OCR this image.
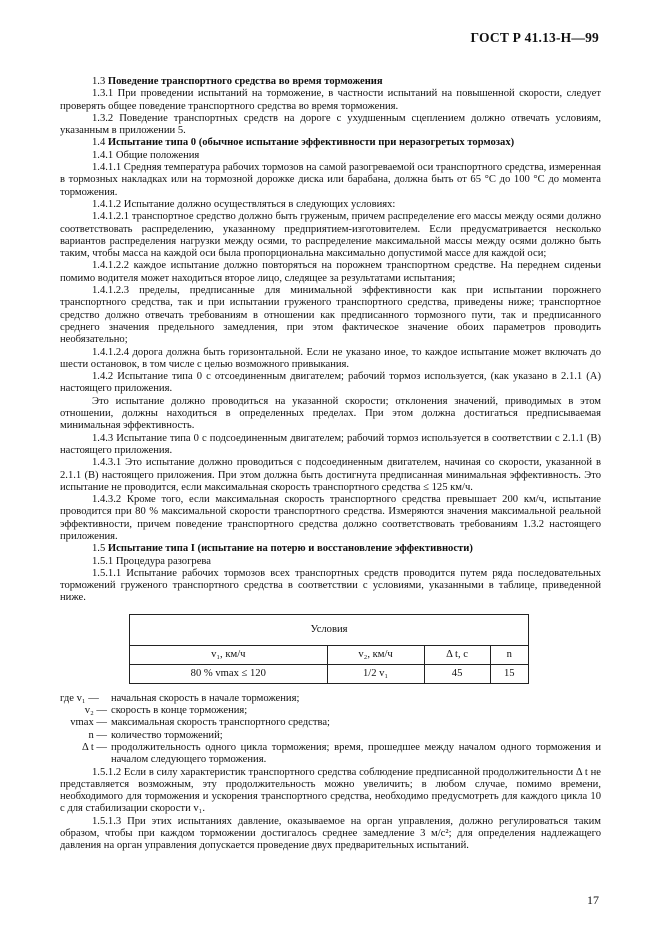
ГОСТ Р 41.13-Н—99

1.3 Поведение транспортного средства во время торможения

1.3.1 При проведении испытаний на торможение, в частности испытаний на повышенной скорости, следует проверять общее поведение транспортного средства во время торможения.

1.3.2 Поведение транспортных средств на дороге с ухудшенным сцеплением должно отвечать условиям, указанным в приложении 5.

1.4 Испытание типа 0 (обычное испытание эффективности при неразогретых тормозах)

1.4.1 Общие положения

1.4.1.1 Средняя температура рабочих тормозов на самой разогреваемой оси транспортного средства, измеренная в тормозных накладках или на тормозной дорожке диска или барабана, должна быть от 65 °С до 100 °С до момента торможения.

1.4.1.2 Испытание должно осуществляться в следующих условиях:

1.4.1.2.1 транспортное средство должно быть груженым, причем распределение его массы между осями должно соответствовать распределению, указанному предприятием-изготовителем. Если предусматривается несколько вариантов распределения нагрузки между осями, то распределение максимальной массы между осями должно быть таким, чтобы масса на каждой оси была пропорциональна максимально допустимой массе для каждой оси;

1.4.1.2.2 каждое испытание должно повторяться на порожнем транспортном средстве. На переднем сиденьи помимо водителя может находиться второе лицо, следящее за результатами испытания;

1.4.1.2.3 пределы, предписанные для минимальной эффективности как при испытании порожнего транспортного средства, так и при испытании груженого транспортного средства, приведены ниже; транспортное средство должно отвечать требованиям в отношении как предписанного тормозного пути, так и предписанного среднего значения предельного замедления, при этом фактическое значение обоих параметров проводить необязательно;

1.4.1.2.4 дорога должна быть горизонтальной. Если не указано иное, то каждое испытание может включать до шести остановок, в том числе с целью возможного привыкания.

1.4.2 Испытание типа 0 с отсоединенным двигателем; рабочий тормоз используется, (как указано в 2.1.1 (А) настоящего приложения.

Это испытание должно проводиться на указанной скорости; отклонения значений, приводимых в этом отношении, должны находиться в определенных пределах. При этом должна достигаться предписываемая минимальная эффективность.

1.4.3 Испытание типа 0 с подсоединенным двигателем; рабочий тормоз используется в соответствии с 2.1.1 (В) настоящего приложения.

1.4.3.1 Это испытание должно проводиться с подсоединенным двигателем, начиная со скорости, указанной в 2.1.1 (В) настоящего приложения. При этом должна быть достигнута предписанная минимальная эффективность. Это испытание не проводится, если максимальная скорость транспортного средства ≤ 125 км/ч.

1.4.3.2 Кроме того, если максимальная скорость транспортного средства превышает 200 км/ч, испытание проводится при 80 % максимальной скорости транспортного средства. Измеряются значения максимальной реальной эффективности, причем поведение транспортного средства должно соответствовать требованиям 1.3.2 настоящего приложения.

1.5 Испытание типа I (испытание на потерю и восстановление эффективности)

1.5.1 Процедура разогрева

1.5.1.1 Испытание рабочих тормозов всех транспортных средств проводится путем ряда последовательных торможений груженого транспортного средства в соответствии с условиями, указанными в таблице, приведенной ниже.

Условия			
v₁, км/ч	v₂, км/ч	Δ t, c	n
80 % vmax ≤ 120	1/2 v₁	45	15
где v₁ —	начальная скорость в начале торможения;
v₂ — скорость в конце торможения;
vmax — максимальная скорость транспортного средства;
n — количество торможений;
Δ t — продолжительность одного цикла торможения; время, прошедшее между началом одного торможения и началом следующего торможения.

1.5.1.2 Если в силу характеристик транспортного средства соблюдение предписанной продолжительности Δ t не представляется возможным, эту продолжительность можно увеличить; в любом случае, помимо времени, необходимого для торможения и ускорения транспортного средства, необходимо предусмотреть для каждого цикла 10 с для стабилизации скорости v₁.

1.5.1.3 При этих испытаниях давление, оказываемое на орган управления, должно регулироваться таким образом, чтобы при каждом торможении достигалось среднее замедление 3 м/с²; для определения надлежащего давления на орган управления допускается проведение двух предварительных испытаний.

17
